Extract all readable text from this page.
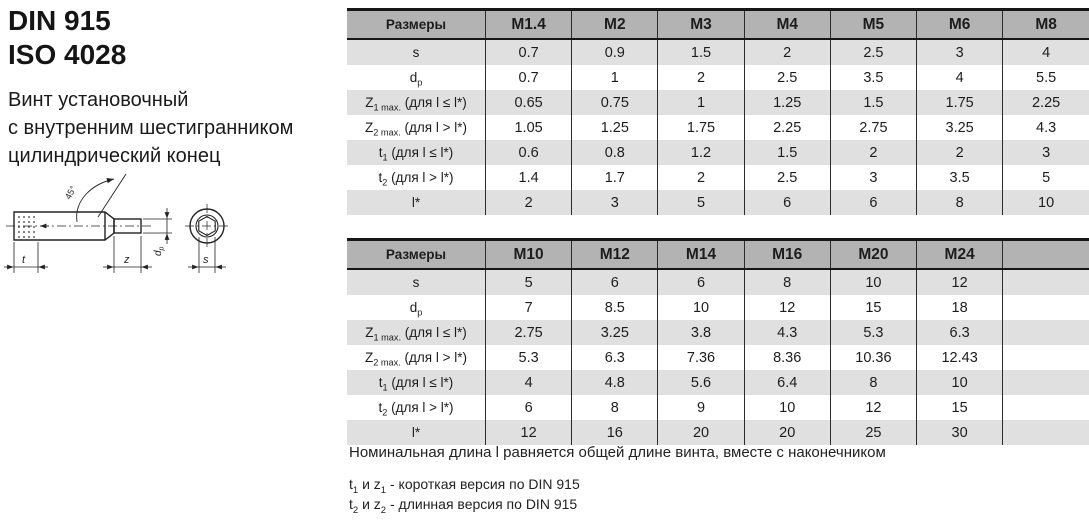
DIN 915
ISO 4028
Винт установочный
с внутренним шестигранником
цилиндрический конец
45°
t	z
$d_p$
s
Размеры	M1.4	M2	M3	M4	M5	M6	M8
s	0.7	0.9	1.5	2	2.5	3	4
$d_p$	0.7	1	2	2.5	3.5	4	5.5
$Z_{1 max.}$ (для l ≤ l*)	0.65	0.75	1	1.25	1.5	1.75	2.25
$Z_{2 max.}$ (для l > l*)	1.05	1.25	1.75	2.25	2.75	3.25	4.3
$t_1$ (для l ≤ l*)	0.6	0.8	1.2	1.5	2	2	3
$t_2$ (для l > l*)	1.4	1.7	2	2.5	3	3.5	5
l*	2	3	5	6	6	8	10
Размеры	M10	M12	M14	M16	M20	M24	
s	5	6	6	8	10	12	
$d_p$	7	8.5	10	12	15	18	
$Z_{1 max.}$ (для l ≤ l*)	2.75	3.25	3.8	4.3	5.3	6.3	
$Z_{2 max.}$ (для l > l*)	5.3	6.3	7.36	8.36	10.36	12.43	
$t_1$ (для l ≤ l*)	4	4.8	5.6	6.4	8	10	
$t_2$ (для l > l*)	6	8	9	10	12	15	
l*	12	16	20	20	25	30	

Номинальная длина l равняется общей длине винта, вместе с наконечником

$t_1$ и $z_1$ - короткая версия по DIN 915

$t_2$ и $z_2$ - длинная версия по DIN 915
